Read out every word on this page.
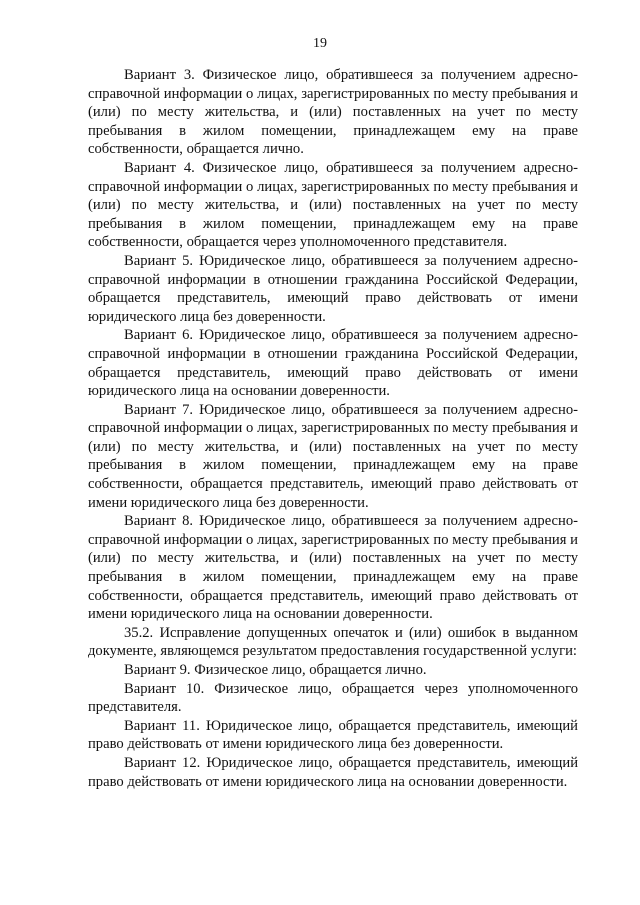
19

Вариант 3. Физическое лицо, обратившееся за получением адресно-справочной информации о лицах, зарегистрированных по месту пребывания и (или) по месту жительства, и (или) поставленных на учет по месту пребывания в жилом помещении, принадлежащем ему на праве собственности, обращается лично.

Вариант 4. Физическое лицо, обратившееся за получением адресно-справочной информации о лицах, зарегистрированных по месту пребывания и (или) по месту жительства, и (или) поставленных на учет по месту пребывания в жилом помещении, принадлежащем ему на праве собственности, обращается через уполномоченного представителя.

Вариант 5. Юридическое лицо, обратившееся за получением адресно-справочной информации в отношении гражданина Российской Федерации, обращается представитель, имеющий право действовать от имени юридического лица без доверенности.

Вариант 6. Юридическое лицо, обратившееся за получением адресно-справочной информации в отношении гражданина Российской Федерации, обращается представитель, имеющий право действовать от имени юридического лица на основании доверенности.

Вариант 7. Юридическое лицо, обратившееся за получением адресно-справочной информации о лицах, зарегистрированных по месту пребывания и (или) по месту жительства, и (или) поставленных на учет по месту пребывания в жилом помещении, принадлежащем ему на праве собственности, обращается представитель, имеющий право действовать от имени юридического лица без доверенности.

Вариант 8. Юридическое лицо, обратившееся за получением адресно-справочной информации о лицах, зарегистрированных по месту пребывания и (или) по месту жительства, и (или) поставленных на учет по месту пребывания в жилом помещении, принадлежащем ему на праве собственности, обращается представитель, имеющий право действовать от имени юридического лица на основании доверенности.

35.2. Исправление допущенных опечаток и (или) ошибок в выданном документе, являющемся результатом предоставления государственной услуги:

Вариант 9. Физическое лицо, обращается лично.

Вариант 10. Физическое лицо, обращается через уполномоченного представителя.

Вариант 11. Юридическое лицо, обращается представитель, имеющий право действовать от имени юридического лица без доверенности.

Вариант 12. Юридическое лицо, обращается представитель, имеющий право действовать от имени юридического лица на основании доверенности.
